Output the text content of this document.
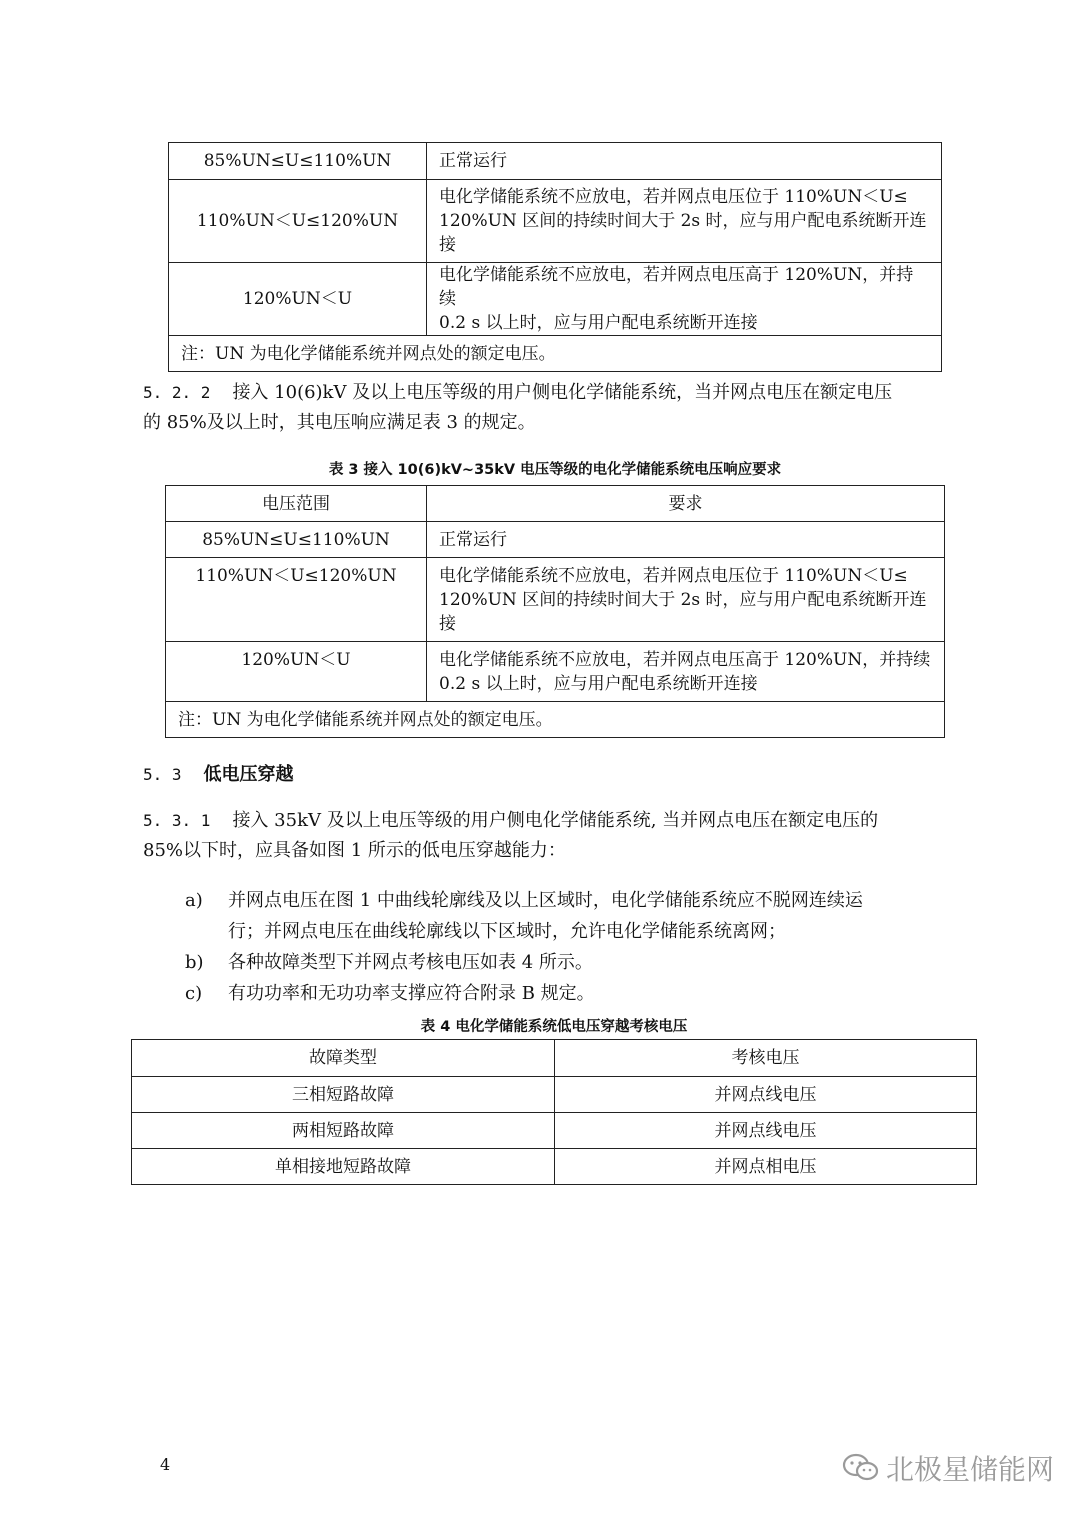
85%UN≤U≤110%UN	正常运行

110%UN＜U≤120%UN	电化学储能系统不应放电，若并网点电压位于 110%UN＜U≤
120%UN 区间的持续时间大于 2s 时，应与用户配电系统断开连
接

120%UN＜U	电化学储能系统不应放电，若并网点电压高于 120%UN，并持续
0.2 s 以上时，应与用户配电系统断开连接

注：UN 为电化学储能系统并网点处的额定电压。	
5. 2. 2 接入 10(6)kV 及以上电压等级的用户侧电化学储能系统，当并网点电压在额定电压
的 85%及以上时，其电压响应满足表 3 的规定。
表 3 接入 10(6)kV~35kV 电压等级的电化学储能系统电压响应要求
电压范围	要求
85%UN≤U≤110%UN	正常运行

110%UN＜U≤120%UN	电化学储能系统不应放电，若并网点电压位于 110%UN＜U≤
120%UN 区间的持续时间大于 2s 时，应与用户配电系统断开连
接

120%UN＜U	电化学储能系统不应放电，若并网点电压高于 120%UN，并持续
0.2 s 以上时，应与用户配电系统断开连接

注：UN 为电化学储能系统并网点处的额定电压。	
5. 3 低电压穿越
5. 3. 1 接入 35kV 及以上电压等级的用户侧电化学储能系统, 当并网点电压在额定电压的
85%以下时，应具备如图 1 所示的低电压穿越能力：
a)	并网点电压在图 1 中曲线轮廓线及以上区域时，电化学储能系统应不脱网连续运
行；并网点电压在曲线轮廓线以下区域时，允许电化学储能系统离网；
b)	各种故障类型下并网点考核电压如表 4 所示。
c)	有功功率和无功功率支撑应符合附录 B 规定。
表 4 电化学储能系统低电压穿越考核电压
故障类型	考核电压
三相短路故障	并网点线电压
两相短路故障	并网点线电压
单相接地短路故障	并网点相电压
4	北极星储能网
